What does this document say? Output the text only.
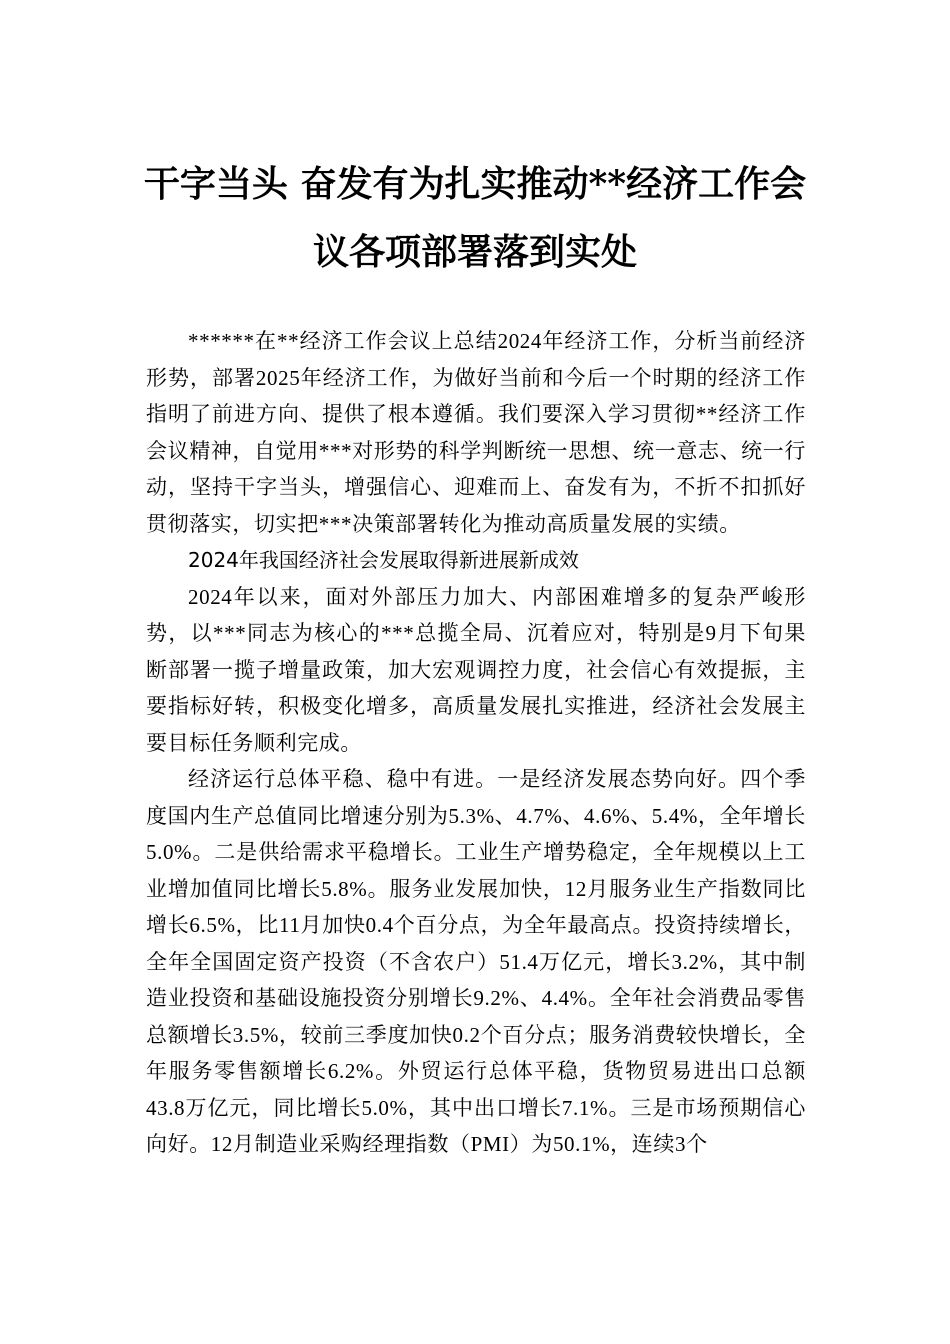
干字当头 奋发有为扎实推动**经济工作会
议各项部署落到实处

******在**经济工作会议上总结2024年经济工作，分析当前经济形势，部署2025年经济工作，为做好当前和今后一个时期的经济工作指明了前进方向、提供了根本遵循。我们要深入学习贯彻**经济工作会议精神，自觉用***对形势的科学判断统一思想、统一意志、统一行动，坚持干字当头，增强信心、迎难而上、奋发有为，不折不扣抓好贯彻落实，切实把***决策部署转化为推动高质量发展的实绩。

2024年我国经济社会发展取得新进展新成效

2024年以来，面对外部压力加大、内部困难增多的复杂严峻形势，以***同志为核心的***总揽全局、沉着应对，特别是9月下旬果断部署一揽子增量政策，加大宏观调控力度，社会信心有效提振，主要指标好转，积极变化增多，高质量发展扎实推进，经济社会发展主要目标任务顺利完成。

经济运行总体平稳、稳中有进。一是经济发展态势向好。四个季度国内生产总值同比增速分别为5.3%、4.7%、4.6%、5.4%，全年增长5.0%。二是供给需求平稳增长。工业生产增势稳定，全年规模以上工业增加值同比增长5.8%。服务业发展加快，12月服务业生产指数同比增长6.5%，比11月加快0.4个百分点，为全年最高点。投资持续增长，全年全国固定资产投资（不含农户）51.4万亿元，增长3.2%，其中制造业投资和基础设施投资分别增长9.2%、4.4%。全年社会消费品零售总额增长3.5%，较前三季度加快0.2个百分点；服务消费较快增长，全年服务零售额增长6.2%。外贸运行总体平稳，货物贸易进出口总额43.8万亿元，同比增长5.0%，其中出口增长7.1%。三是市场预期信心向好。12月制造业采购经理指数（PMI）为50.1%，连续3个
